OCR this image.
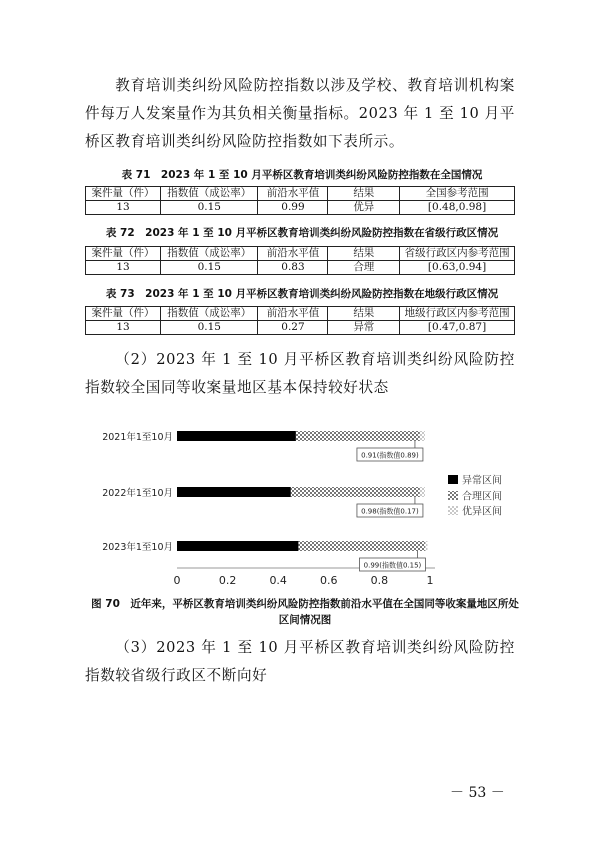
教育培训类纠纷风险防控指数以涉及学校、教育培训机构案件每万人发案量作为其负相关衡量指标。2023 年 1 至 10 月平桥区教育培训类纠纷风险防控指数如下表所示。
表 71　2023 年 1 至 10 月平桥区教育培训类纠纷风险防控指数在全国情况
案件量（件）	指数值（成讼率）	前沿水平值	结果	全国参考范围
13	0.15	0.99	优异	[0.48,0.98]
表 72　2023 年 1 至 10 月平桥区教育培训类纠纷风险防控指数在省级行政区情况
案件量（件）	指数值（成讼率）	前沿水平值	结果	省级行政区内参考范围
13	0.15	0.83	合理	[0.63,0.94]
表 73　2023 年 1 至 10 月平桥区教育培训类纠纷风险防控指数在地级行政区情况
案件量（件）	指数值（成讼率）	前沿水平值	结果	地级行政区内参考范围
13	0.15	0.27	异常	[0.47,0.87]
（2）2023 年 1 至 10 月平桥区教育培训类纠纷风险防控指数较全国同等收案量地区基本保持较好状态
0	0.2	0.4	0.6	0.8	1
2021年1至10月
0.91(指数值0.89)
2022年1至10月
0.98(指数值0.17)
2023年1至10月
0.99(指数值0.15)
异常区间
合理区间
优异区间
图 70　近年来，平桥区教育培训类纠纷风险防控指数前沿水平值在全国同等收案量地区所处区间情况图
（3）2023 年 1 至 10 月平桥区教育培训类纠纷风险防控指数较省级行政区不断向好
－ 53 －
